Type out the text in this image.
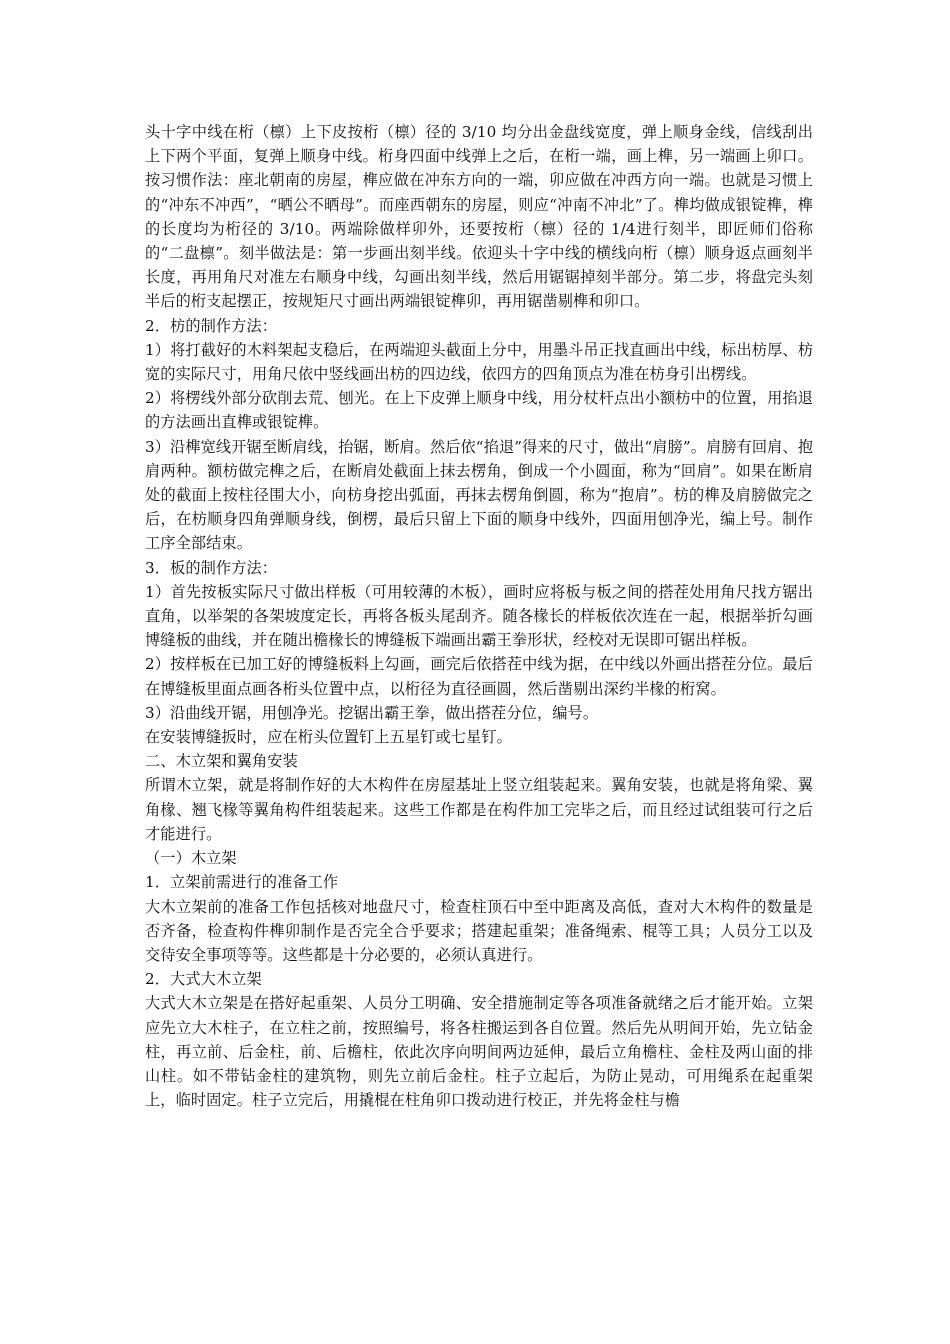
头十字中线在桁（檩）上下皮按桁（檩）径的 3/10 均分出金盘线宽度，弹上顺身金线，信线刮出上下两个平面，复弹上顺身中线。桁身四面中线弹上之后，在桁一端，画上榫，另一端画上卯口。按习惯作法：座北朝南的房屋，榫应做在冲东方向的一端，卯应做在冲西方向一端。也就是习惯上的“冲东不冲西”，“晒公不晒母”。而座西朝东的房屋，则应“冲南不冲北”了。榫均做成银锭榫，榫的长度均为桁径的 3/10。两端除做样卯外，还要按桁（檩）径的 1/4进行刻半，即匠师们俗称的“二盘檩”。刻半做法是：第一步画出刻半线。依迎头十字中线的横线向桁（檩）顺身返点画刻半长度，再用角尺对准左右顺身中线，勾画出刻半线，然后用锯锯掉刻半部分。第二步，将盘完头刻半后的桁支起摆正，按规矩尺寸画出两端银锭榫卯，再用锯凿剔榫和卯口。

2．枋的制作方法：

1）将打截好的木料架起支稳后，在两端迎头截面上分中，用墨斗吊正找直画出中线，标出枋厚、枋宽的实际尺寸，用角尺依中竖线画出枋的四边线，依四方的四角顶点为准在枋身引出楞线。

2）将楞线外部分砍削去荒、刨光。在上下皮弹上顺身中线，用分杖杆点出小额枋中的位置，用掐退的方法画出直榫或银锭榫。

3）沿榫宽线开锯至断肩线，抬锯，断肩。然后依“掐退”得来的尺寸，做出“肩膀”。肩膀有回肩、抱肩两种。额枋做完榫之后，在断肩处截面上抹去楞角，倒成一个小圆面，称为“回肩”。如果在断肩处的截面上按柱径围大小，向枋身挖出弧面，再抹去楞角倒圆，称为“抱肩”。枋的榫及肩膀做完之后，在枋顺身四角弹顺身线，倒楞，最后只留上下面的顺身中线外，四面用刨净光，编上号。制作工序全部结束。

3．板的制作方法：

1）首先按板实际尺寸做出样板（可用较薄的木板），画时应将板与板之间的搭茬处用角尺找方锯出直角，以举架的各架坡度定长，再将各板头尾刮齐。随各椽长的样板依次连在一起，根据举折勾画博缝板的曲线，并在随出檐椽长的博缝板下端画出霸王拳形状，经校对无误即可锯出样板。

2）按样板在已加工好的博缝板料上勾画，画完后依搭茬中线为据，在中线以外画出搭茬分位。最后在博缝板里面点画各桁头位置中点，以桁径为直径画圆，然后凿剔出深约半椽的桁窝。

3）沿曲线开锯，用刨净光。挖锯出霸王拳，做出搭茬分位，编号。

在安装博缝扳时，应在桁头位置钉上五星钉或七星钉。

二、木立架和翼角安装

所谓木立架，就是将制作好的大木构件在房屋基址上竖立组装起来。翼角安装，也就是将角梁、翼角椽、翘飞椽等翼角构件组装起来。这些工作都是在构件加工完毕之后，而且经过试组装可行之后才能进行。

（一）木立架

1．立架前需进行的准备工作

大木立架前的准备工作包括核对地盘尺寸，检查柱顶石中至中距离及高低，查对大木构件的数量是否齐备，检查构件榫卯制作是否完全合乎要求；搭建起重架；准备绳索、棍等工具；人员分工以及交待安全事项等等。这些都是十分必要的，必须认真进行。

2．大式大木立架

大式大木立架是在搭好起重架、人员分工明确、安全措施制定等各项准备就绪之后才能开始。立架应先立大木柱子，在立柱之前，按照编号，将各柱搬运到各自位置。然后先从明间开始，先立钻金柱，再立前、后金柱，前、后檐柱，依此次序向明间两边延伸，最后立角檐柱、金柱及两山面的排山柱。如不带钻金柱的建筑物，则先立前后金柱。柱子立起后，为防止晃动，可用绳系在起重架上，临时固定。柱子立完后，用撬棍在柱角卯口拨动进行校正，并先将金柱与檐
